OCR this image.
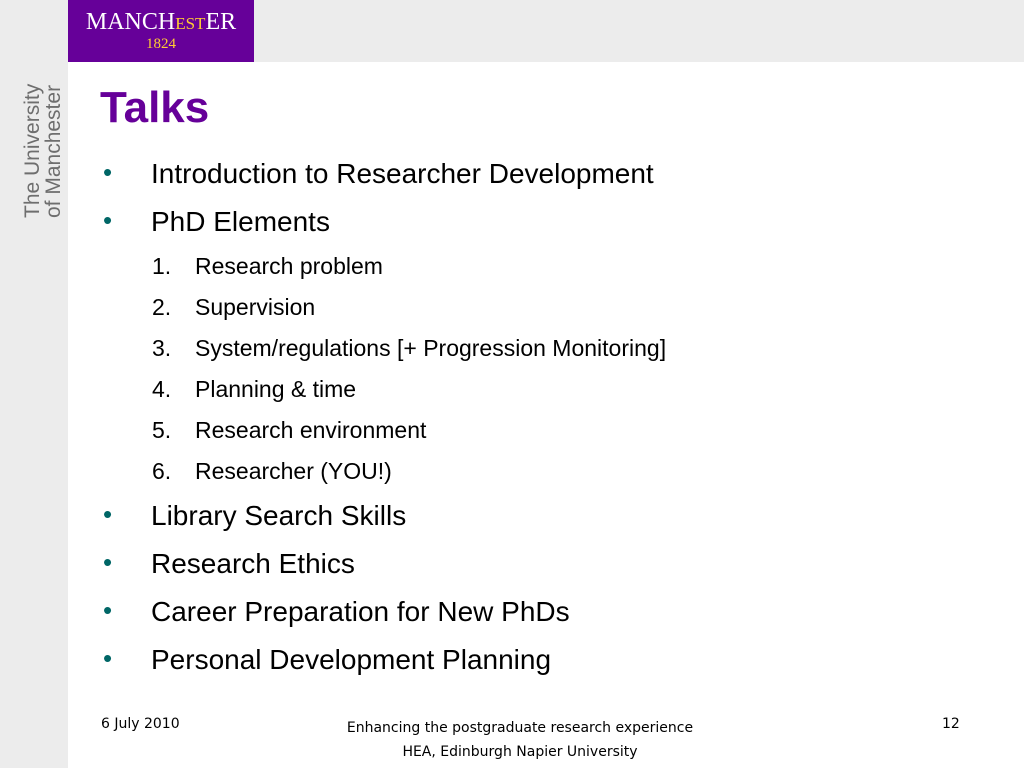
MANCHESTER
1824
The University
of Manchester Talks
• Introduction to Researcher Development
• PhD Elements
1. Research problem
2. Supervision
3. System/regulations [+ Progression Monitoring]
4. Planning & time
5. Research environment
6. Researcher (YOU!)
• Library Search Skills
• Research Ethics
• Career Preparation for New PhDs
• Personal Development Planning
6 July 2010	Enhancing the postgraduate research experience
HEA, Edinburgh Napier University
12
